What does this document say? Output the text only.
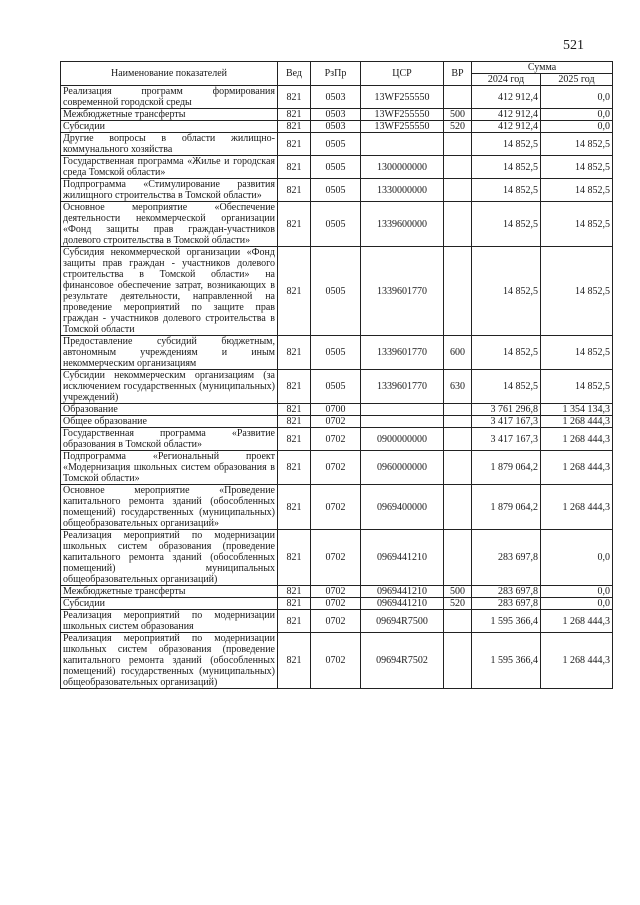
521
Наименование показателей	Вед	РзПр	ЦСР	ВР	Сумма	
					2024 год	2025 год
Реализация программ формирования современной городской среды	821	0503	13WF255550		412 912,4	0,0
Межбюджетные трансферты	821	0503	13WF255550	500	412 912,4	0,0
Субсидии	821	0503	13WF255550	520	412 912,4	0,0
Другие вопросы в области жилищно-коммунального хозяйства	821	0505			14 852,5	14 852,5
Государственная программа «Жилье и городская среда Томской области»	821	0505	1300000000		14 852,5	14 852,5
Подпрограмма «Стимулирование развития жилищного строительства в Томской области»	821	0505	1330000000		14 852,5	14 852,5
Основное мероприятие «Обеспечение деятельности некоммерческой организации «Фонд защиты прав граждан-участников долевого строительства в Томской области»	821	0505	1339600000		14 852,5	14 852,5
Субсидия некоммерческой организации «Фонд защиты прав граждан - участников долевого строительства в Томской области» на финансовое обеспечение затрат, возникающих в результате деятельности, направленной на проведение мероприятий по защите прав граждан - участников долевого строительства в Томской области	821	0505	1339601770		14 852,5	14 852,5
Предоставление субсидий бюджетным, автономным учреждениям и иным некоммерческим организациям	821	0505	1339601770	600	14 852,5	14 852,5
Субсидии некоммерческим организациям (за исключением государственных (муниципальных) учреждений)	821	0505	1339601770	630	14 852,5	14 852,5
Образование	821	0700			3 761 296,8	1 354 134,3
Общее образование	821	0702			3 417 167,3	1 268 444,3
Государственная программа «Развитие образования в Томской области»	821	0702	0900000000		3 417 167,3	1 268 444,3
Подпрограмма «Региональный проект «Модернизация школьных систем образования в Томской области»	821	0702	0960000000		1 879 064,2	1 268 444,3
Основное мероприятие «Проведение капитального ремонта зданий (обособленных помещений) государственных (муниципальных) общеобразовательных организаций»	821	0702	0969400000		1 879 064,2	1 268 444,3
Реализация мероприятий по модернизации школьных систем образования (проведение капитального ремонта зданий (обособленных помещений) муниципальных общеобразовательных организаций)	821	0702	0969441210		283 697,8	0,0
Межбюджетные трансферты	821	0702	0969441210	500	283 697,8	0,0
Субсидии	821	0702	0969441210	520	283 697,8	0,0
Реализация мероприятий по модернизации школьных систем образования	821	0702	09694R7500		1 595 366,4	1 268 444,3
Реализация мероприятий по модернизации школьных систем образования (проведение капитального ремонта зданий (обособленных помещений) государственных (муниципальных) общеобразовательных организаций)	821	0702	09694R7502		1 595 366,4	1 268 444,3
